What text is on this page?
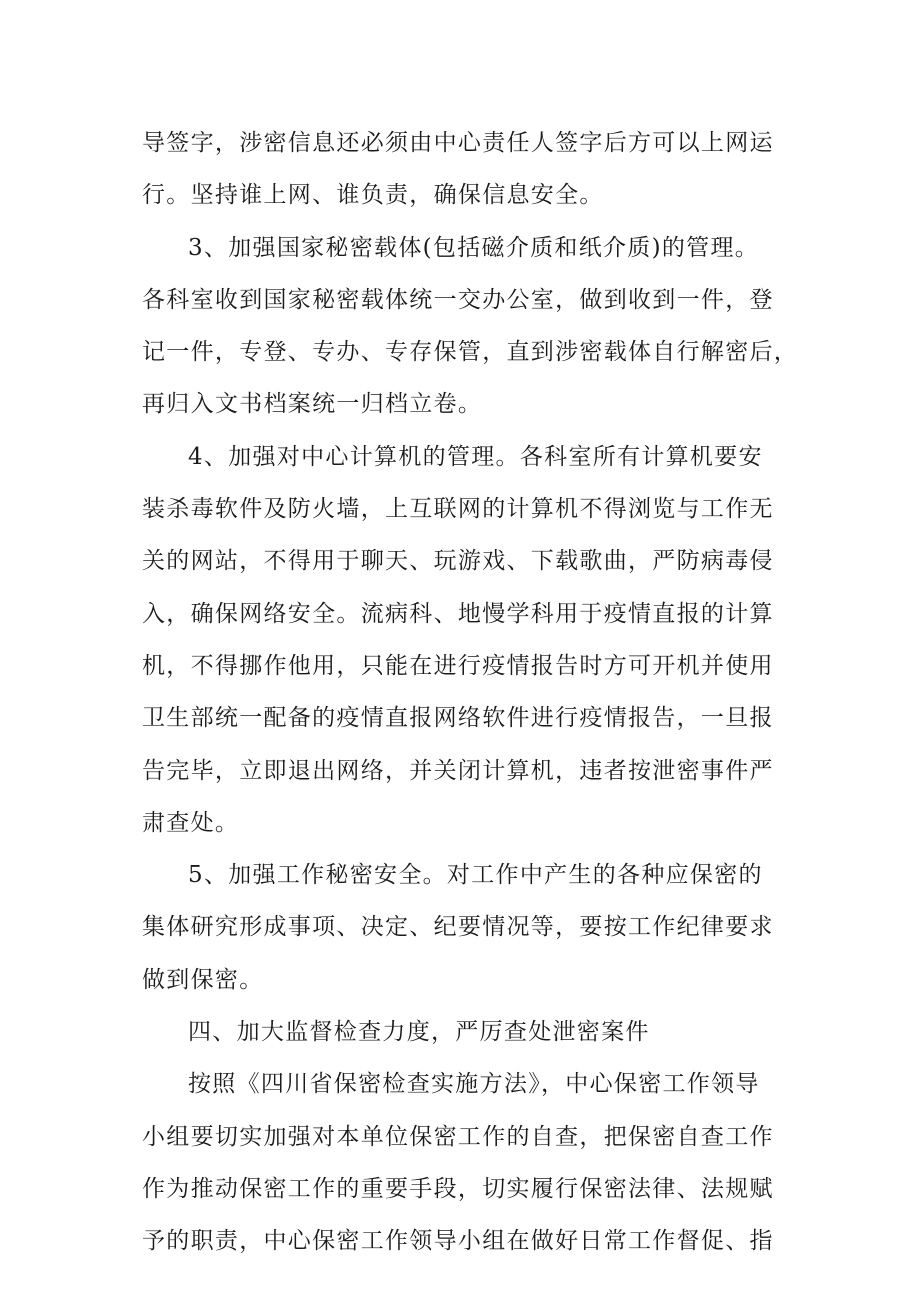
导签字，涉密信息还必须由中心责任人签字后方可以上网运

行。坚持谁上网、谁负责，确保信息安全。

3、加强国家秘密载体(包括磁介质和纸介质)的管理。

各科室收到国家秘密载体统一交办公室，做到收到一件，登

记一件，专登、专办、专存保管，直到涉密载体自行解密后，

再归入文书档案统一归档立卷。

4、加强对中心计算机的管理。各科室所有计算机要安

装杀毒软件及防火墙，上互联网的计算机不得浏览与工作无

关的网站，不得用于聊天、玩游戏、下载歌曲，严防病毒侵

入，确保网络安全。流病科、地慢学科用于疫情直报的计算

机，不得挪作他用，只能在进行疫情报告时方可开机并使用

卫生部统一配备的疫情直报网络软件进行疫情报告，一旦报

告完毕，立即退出网络，并关闭计算机，违者按泄密事件严

肃查处。

5、加强工作秘密安全。对工作中产生的各种应保密的

集体研究形成事项、决定、纪要情况等，要按工作纪律要求

做到保密。

四、加大监督检查力度，严厉查处泄密案件

按照《四川省保密检查实施方法》，中心保密工作领导

小组要切实加强对本单位保密工作的自查，把保密自查工作

作为推动保密工作的重要手段，切实履行保密法律、法规赋

予的职责，中心保密工作领导小组在做好日常工作督促、指
